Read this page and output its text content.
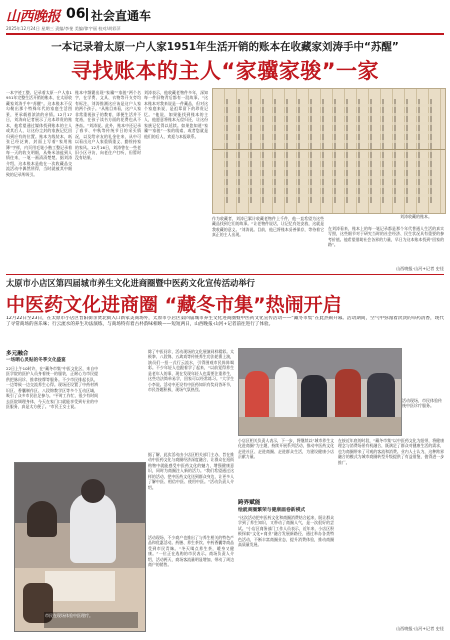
山西晚报 06 社会直通车
2025年12月24日 星期三 责编/李斐 美编/律宇丽 校对/胡彩萍
一本记录着太原一户人家1951年生活开销的账本在收藏家刘涛手中“苏醒”
寻找账本的主人“家骥家骏”一家
一本字迹工整、记录着太原一户人家1951年完整生活开销的账本，在太原收藏家刘涛手中“苏醒”。这本账本不仅勾勒出那个特殊年代的家庭生活图景，更承载着浓浓的亲情。12月17日，刘涛向记者展示了这本珍贵的账本，他希望通过媒体找到账本的主人或其后人，让这份尘封的家族记忆回归到应有的位置。账本为线装本，纸张已经泛黄，封面上写着“家用账簿”字样，内页用毛笔小楷工整记录着每一天的收支明细，从柴米油盐到人情往来，一笔一画清清楚楚。据刘涛介绍，这本账本是他在一次收藏品交流活动中偶然所得，当时就被其中细致的记录所吸引。
账本中频繁出现“家骥”“家骏”两个名字，在学费、文具、衣物等开支旁均有标注，刘涛推测这应该是这户人家的两个孩子。“从账目来看，这户人家非常重视孩子的教育，即便生活并不宽裕，在孩子读书方面的花费也从不吝啬。”刘涛说。此外，账本中还记录了春节、中秋等传统节日的采买情况，以及给亲友的礼金往来，从中可以看出这户人家重情重义、勤俭持家的家风。12月16日，刘涛曾在一些老旧小区寻访，向老住户打听，但暂时没有结果。
刘涛表示，他收藏老物件多年，深知每一件旧物背后都有一段故事。“这本账本对我来说是一件藏品，但对这个家庭来说，是祖辈留下的珍贵记忆。”他说，如果能找到账本的主人，他愿意将账本无偿归还，让这份家族记忆得以延续。如果您知道“家骥”“家骏”一家的线索，或者您就是他们的后人，欢迎与本报联系。
刘涛收藏的账本。
作为收藏者，刘涛已累计收藏老物件上千件，他一直希望为这些藏品找到它们的故事。“让老物件说话，让记忆有处安放，这就是我收藏的意义。”刘涛说。目前，他已将账本妥善保存，等待着它真正的主人出现。
在刘涛看来，账本上的每一笔记录都是那个年代普通人生活的真实写照，这些细节对于研究当时的社会经济、民生状况具有重要的参考价值。他希望借助社会各界的力量，早日为这本账本找到“回家的路”。
山西晚报·山河+记者 史佳
太原市小店区第四届城市养生文化进商圈暨中医药文化宣传活动举行
中医药文化进商圈 “藏冬市集”热闹开启
12月22日至23日，在太原市小店区晋阳街亲贤北街入口新家美商场外，太原市小店区第四届城市养生文化进商圈暨中医药文化宣传活动——“藏冬市集”在此热闹开幕。活动期间，空气中弥漫着淡淡的草药清香，现代了寻常商场的喜乐味；行云流水的养生功法演练，与商场特有着古朴韵味相映——短短两日，山西晚报·山河+记者前往进行了体验。
多元融合
一场晒心灵贴的冬季文化盛宴
22日上午10时许，在“藏冬市集”中医文化区，来自中医学院的医护人员身着统一的服装，正耐心为市民提供把脉问诊、推拿按摩等服务。不少市民排起长队，一边等候一边交流养生心得。现场还设置了中药材辨识区、香囊制作区、八段锦教学区等多个互动区域，吸引了众多市民驻足参与。“平时工作忙，很少有时间去医院调理身体，今天在家门口就能享受到专业的中医服务，真是太方便了。”市民王女士说。
市民在现场体验中医理疗。
除了中医问诊，活动现场的文化展演同样精彩。太极拳、八段锦、五禽戏等传统养生功法轮番上演，演员们一招一式行云流水，引得围观市民阵阵喝彩。不少年轻人也跟着学了起来，“以前觉得养生是老年人的事，现在发现年轻人也需要注重养生，这些功法简单易学，回家可以经常练习。”大学生小李说。活动中还设有中医药知识有奖问答环节，市民答题积极，现场气氛热烈。
据了解，此次活动由小店区相关部门主办，旨在推动中医药文化与商圈经济深度融合，让群众在逛街购物中就能感受中医药文化的魅力，增强健康意识，同时为商圈注入新的活力。“我们希望通过这样的活动，把中医药文化送到群众身边，让更多人了解中医、相信中医、使用中医。”活动负责人介绍。
活动现场，不少商户也推出了与养生相关的特色产品和优惠活动。药膳、养生茶饮、中药香囊等商品受到市民青睐。“冬天喝点养生茶，暖身又健康。”一位正在选购的市民表示。商场负责人介绍，活动两天，商场客流量明显增加，带动了周边商户的销售。
活动现场，市民体验传统中医诊疗服务。
小店区相关负责人表示，下一步，将继续以“城市养生文化进商圈”为主题，持续开展系列活动，推动中医药文化走进社区、走进商圈、走进群众生活，为建设健康小店贡献力量。
跨界赋能
绘就商圈繁荣与健康画卷新模式
“这次活动把中医药文化和商圈消费结合起来，既让群众学到了养生知识，又带动了商圈人气，是一次很好的尝试。”小店区商务部门工作人员表示，近年来，小店区积极探索“文化+商业”融合发展新路径，通过举办各类特色活动，不断丰富商圈业态，提升消费体验，推动商圈高质量发展。
在接近年底的时段，“藏冬市集”以中医药文化为纽带，将健康理念与消费场景有机融合，既满足了群众对健康生活的需求，也为商圈带来了可观的客流和消费。业内人士认为，这种跨界融合的模式为城市商圈转型升级提供了有益借鉴，值得进一步推广。
山西晚报·山河+记者 史佳
